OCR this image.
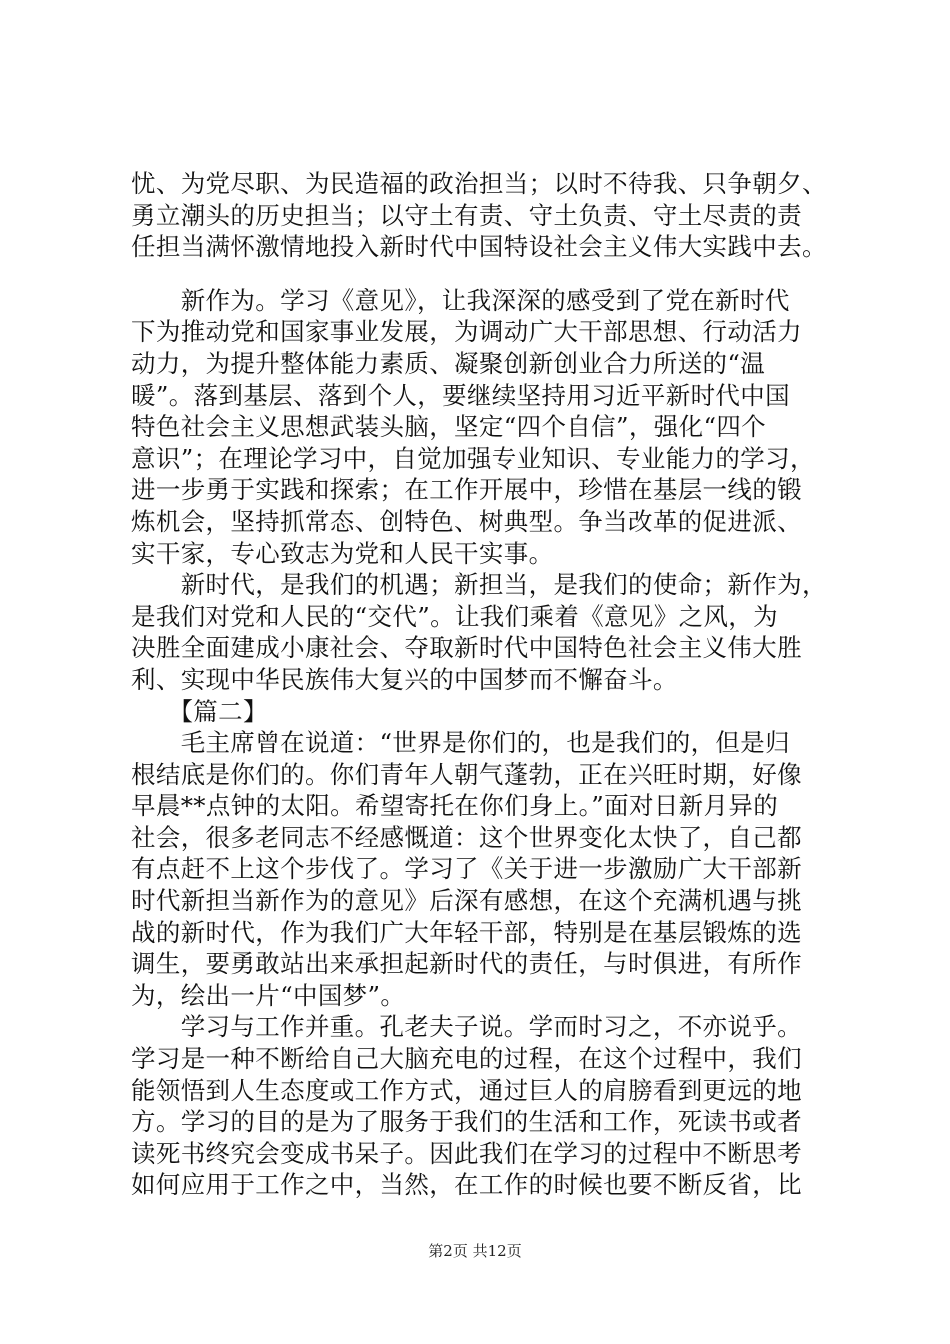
忧、为党尽职、为民造福的政治担当；以时不待我、只争朝夕、
勇立潮头的历史担当；以守土有责、守土负责、守土尽责的责
任担当满怀激情地投入新时代中国特设社会主义伟大实践中去。
　　新作为。学习《意见》，让我深深的感受到了党在新时代
下为推动党和国家事业发展，为调动广大干部思想、行动活力
动力，为提升整体能力素质、凝聚创新创业合力所送的“温
暖”。落到基层、落到个人，要继续坚持用习近平新时代中国
特色社会主义思想武装头脑，坚定“四个自信”，强化“四个
意识”；在理论学习中，自觉加强专业知识、专业能力的学习，
进一步勇于实践和探索；在工作开展中，珍惜在基层一线的锻
炼机会，坚持抓常态、创特色、树典型。争当改革的促进派、
实干家，专心致志为党和人民干实事。
　　新时代，是我们的机遇；新担当，是我们的使命；新作为，
是我们对党和人民的“交代”。让我们乘着《意见》之风，为
决胜全面建成小康社会、夺取新时代中国特色社会主义伟大胜
利、实现中华民族伟大复兴的中国梦而不懈奋斗。
　　【篇二】
　　毛主席曾在说道：“世界是你们的，也是我们的，但是归
根结底是你们的。你们青年人朝气蓬勃，正在兴旺时期，好像
早晨**点钟的太阳。希望寄托在你们身上。”面对日新月异的
社会，很多老同志不经感慨道：这个世界变化太快了，自己都
有点赶不上这个步伐了。学习了《关于进一步激励广大干部新
时代新担当新作为的意见》后深有感想，在这个充满机遇与挑
战的新时代，作为我们广大年轻干部，特别是在基层锻炼的选
调生，要勇敢站出来承担起新时代的责任，与时俱进，有所作
为，绘出一片“中国梦”。
　　学习与工作并重。孔老夫子说。学而时习之，不亦说乎。
学习是一种不断给自己大脑充电的过程，在这个过程中，我们
能领悟到人生态度或工作方式，通过巨人的肩膀看到更远的地
方。学习的目的是为了服务于我们的生活和工作，死读书或者
读死书终究会变成书呆子。因此我们在学习的过程中不断思考
如何应用于工作之中，当然，在工作的时候也要不断反省，比
第2页 共12页
